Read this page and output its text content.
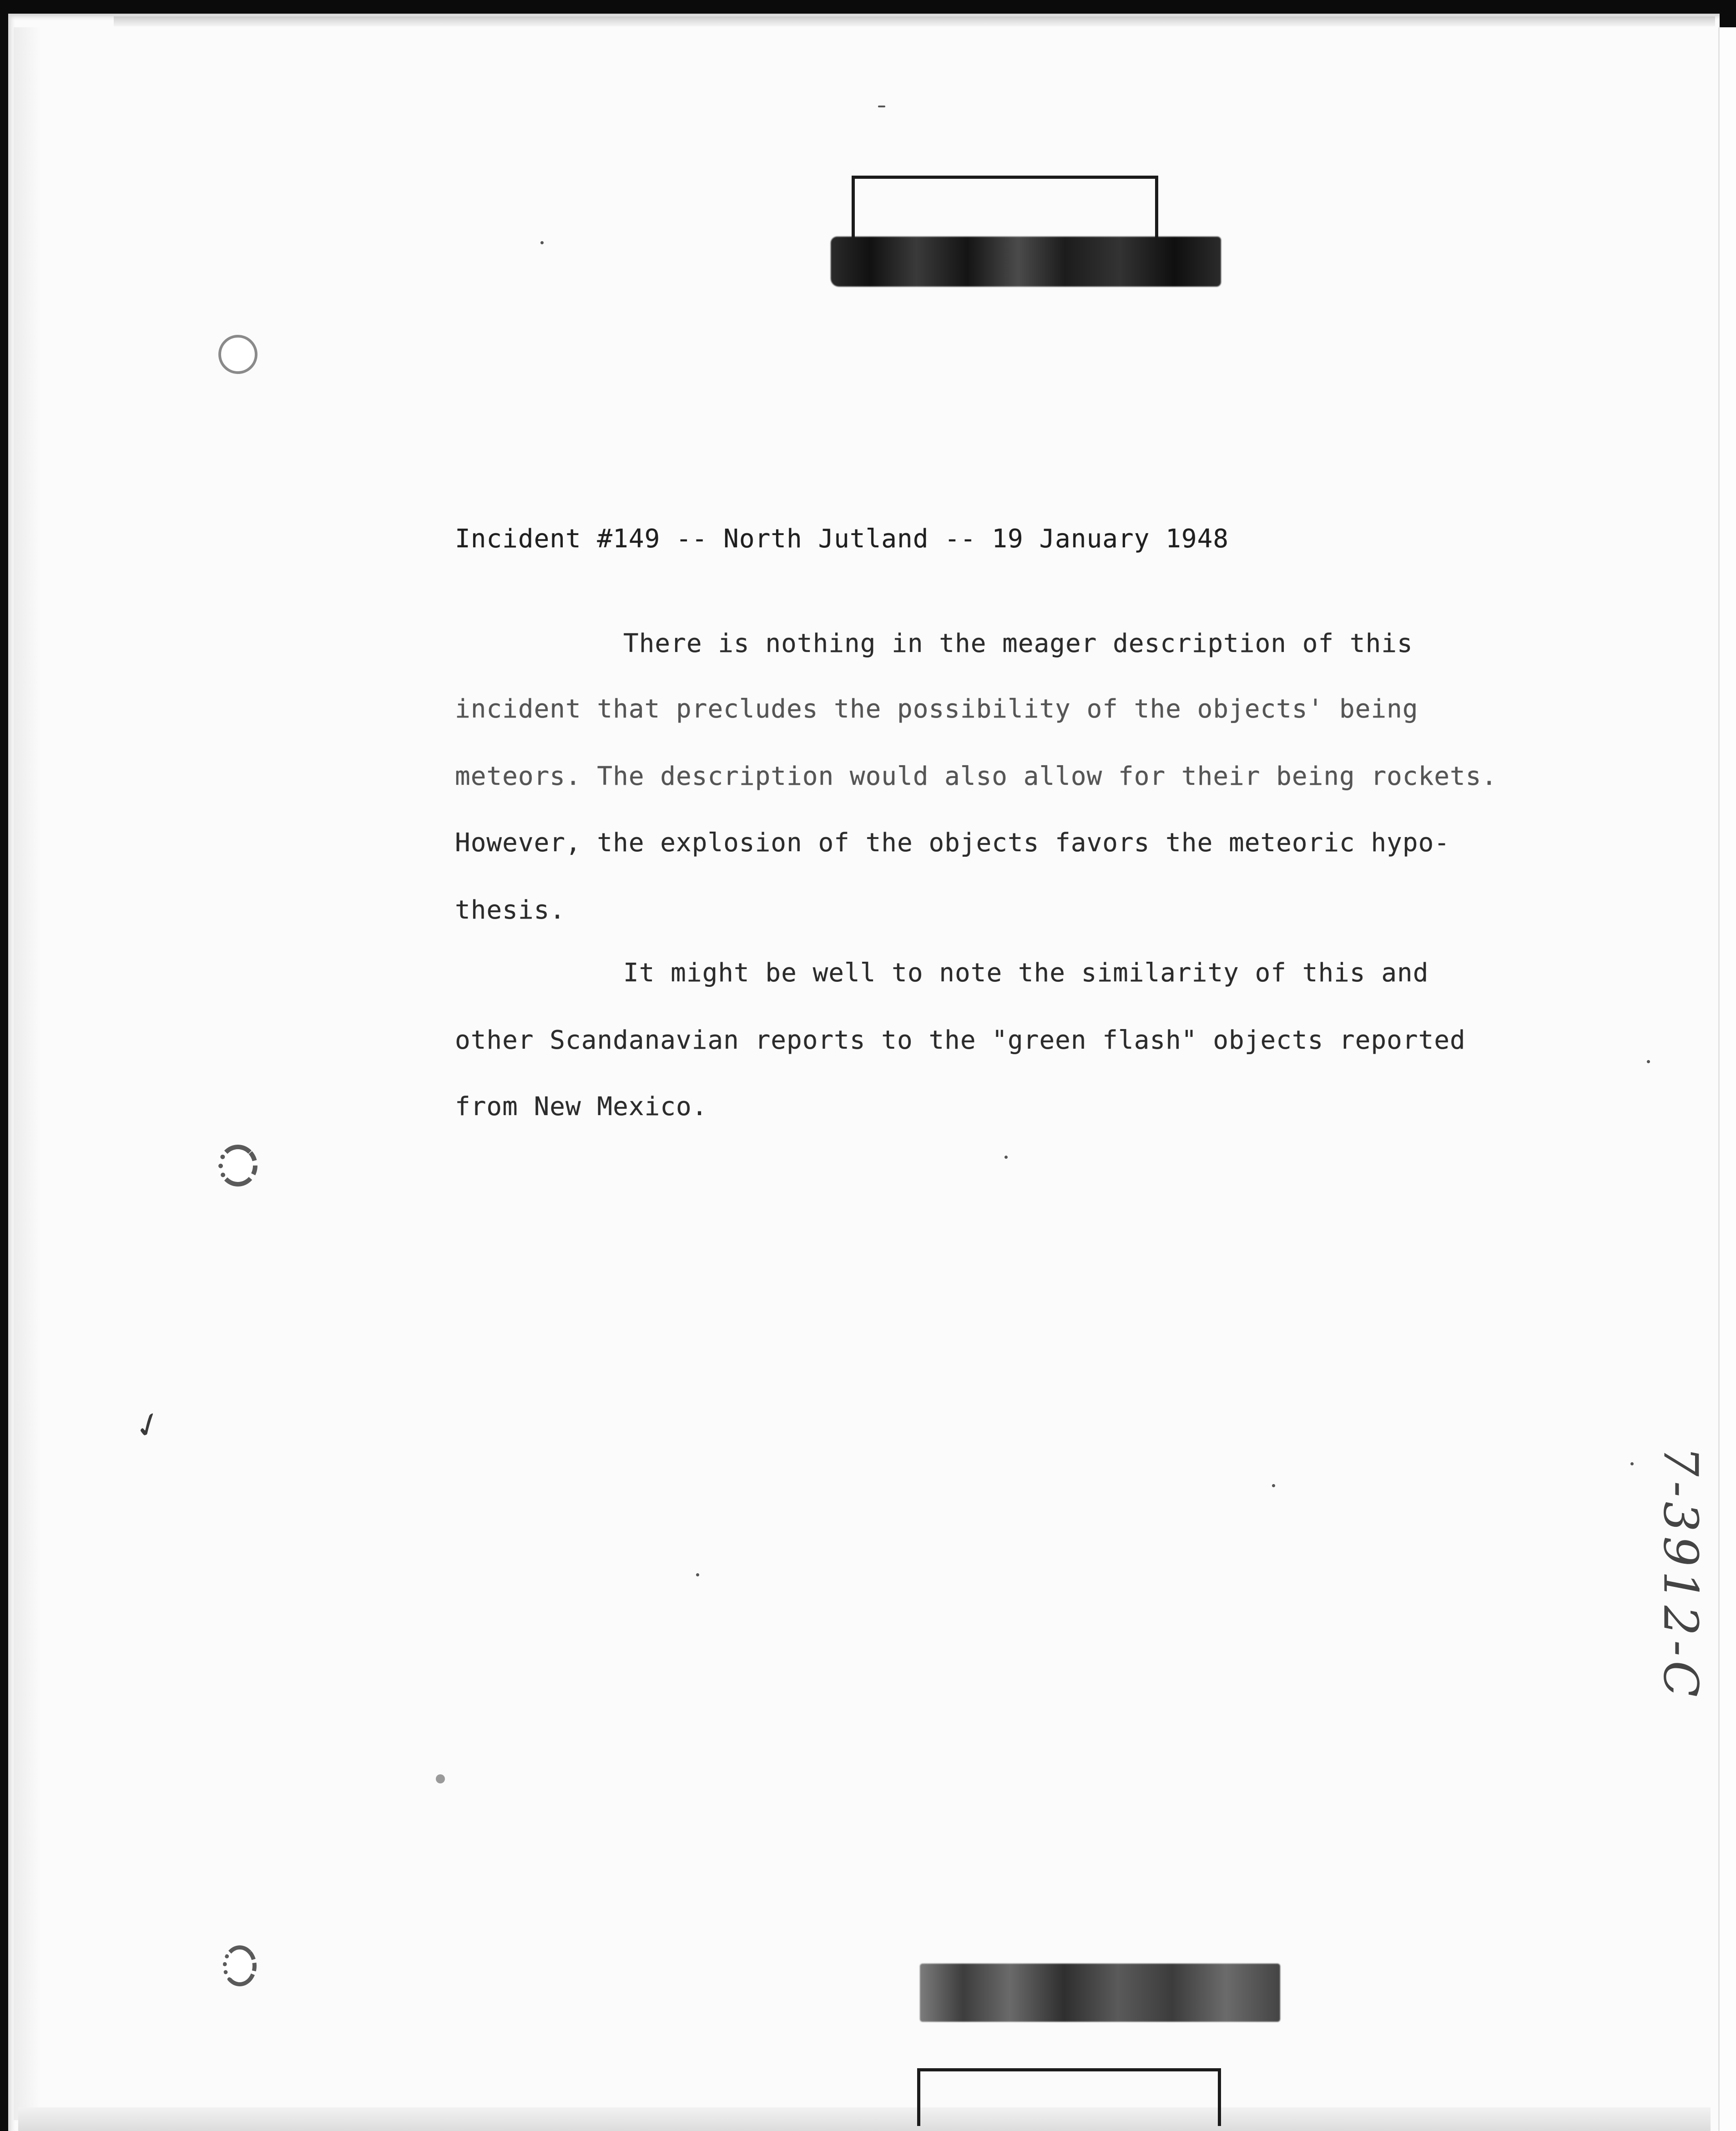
Incident #149 -- North Jutland -- 19 January 1948
There is nothing in the meager description of this
incident that precludes the possibility of the objects' being
meteors. The description would also allow for their being rockets.
However, the explosion of the objects favors the meteoric hypo-
thesis.
It might be well to note the similarity of this and
other Scandanavian reports to the "green flash" objects reported
from New Mexico.
✓
7-3912-C
